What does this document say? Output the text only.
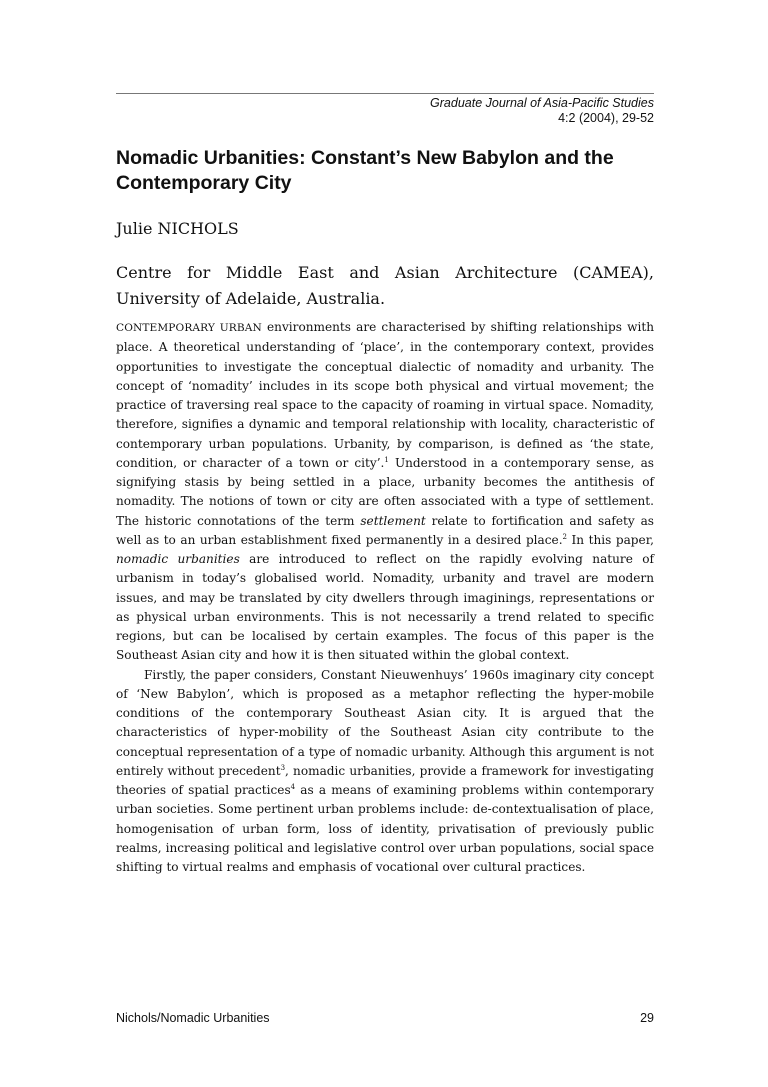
Graduate Journal of Asia-Pacific Studies
4:2 (2004), 29-52
Nomadic Urbanities: Constant’s New Babylon and the Contemporary City

Julie NICHOLS

Centre for Middle East and Asian Architecture (CAMEA), University of Adelaide, Australia.

CONTEMPORARY URBAN environments are characterised by shifting relationships with place. A theoretical understanding of ‘place’, in the contemporary context, provides opportunities to investigate the conceptual dialectic of nomadity and urbanity. The concept of ‘nomadity’ includes in its scope both physical and virtual movement; the practice of traversing real space to the capacity of roaming in virtual space. Nomadity, therefore, signifies a dynamic and temporal relationship with locality, characteristic of contemporary urban populations. Urbanity, by comparison, is defined as ‘the state, condition, or character of a town or city’.$^1$ Understood in a contemporary sense, as signifying stasis by being settled in a place, urbanity becomes the antithesis of nomadity. The notions of town or city are often associated with a type of settlement. The historic connotations of the term settlement relate to fortification and safety as well as to an urban establishment fixed permanently in a desired place.$^2$ In this paper, nomadic urbanities are introduced to reflect on the rapidly evolving nature of urbanism in today’s globalised world. Nomadity, urbanity and travel are modern issues, and may be translated by city dwellers through imaginings, representations or as physical urban environments. This is not necessarily a trend related to specific regions, but can be localised by certain examples. The focus of this paper is the Southeast Asian city and how it is then situated within the global context.

Firstly, the paper considers, Constant Nieuwenhuys’ 1960s imaginary city concept of ‘New Babylon’, which is proposed as a metaphor reflecting the hyper-mobile conditions of the contemporary Southeast Asian city. It is argued that the characteristics of hyper-mobility of the Southeast Asian city contribute to the conceptual representation of a type of nomadic urbanity. Although this argument is not entirely without precedent$^3$, nomadic urbanities, provide a framework for investigating theories of spatial practices$^4$ as a means of examining problems within contemporary urban societies. Some pertinent urban problems include: de-contextualisation of place, homogenisation of urban form, loss of identity, privatisation of previously public realms, increasing political and legislative control over urban populations, social space shifting to virtual realms and emphasis of vocational over cultural practices.

Nichols/Nomadic Urbanities	29
